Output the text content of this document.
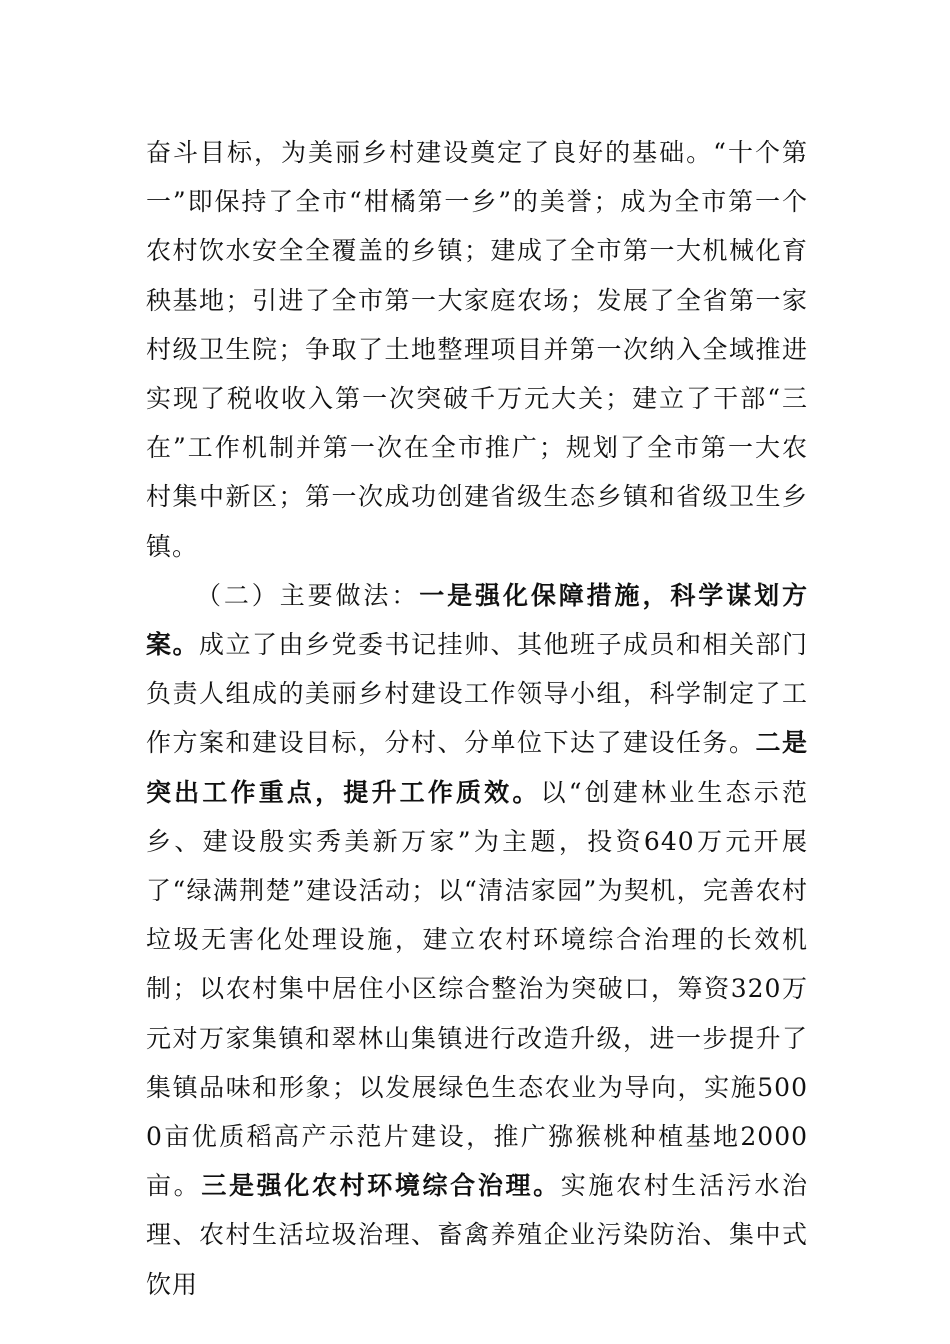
奋斗目标，为美丽乡村建设奠定了良好的基础。“十个第一”即保持了全市“柑橘第一乡”的美誉；成为全市第一个农村饮水安全全覆盖的乡镇；建成了全市第一大机械化育秧基地；引进了全市第一大家庭农场；发展了全省第一家村级卫生院；争取了土地整理项目并第一次纳入全域推进实现了税收收入第一次突破千万元大关；建立了干部“三在”工作机制并第一次在全市推广；规划了全市第一大农村集中新区；第一次成功创建省级生态乡镇和省级卫生乡镇。

（二）主要做法：一是强化保障措施，科学谋划方案。成立了由乡党委书记挂帅、其他班子成员和相关部门负责人组成的美丽乡村建设工作领导小组，科学制定了工作方案和建设目标，分村、分单位下达了建设任务。二是突出工作重点，提升工作质效。以“创建林业生态示范乡、建设殷实秀美新万家”为主题，投资640万元开展了“绿满荆楚”建设活动；以“清洁家园”为契机，完善农村垃圾无害化处理设施，建立农村环境综合治理的长效机制；以农村集中居住小区综合整治为突破口，筹资320万元对万家集镇和翠林山集镇进行改造升级，进一步提升了集镇品味和形象；以发展绿色生态农业为导向，实施5000亩优质稻高产示范片建设，推广猕猴桃种植基地2000亩。三是强化农村环境综合治理。实施农村生活污水治理、农村生活垃圾治理、畜禽养殖企业污染防治、集中式饮用
